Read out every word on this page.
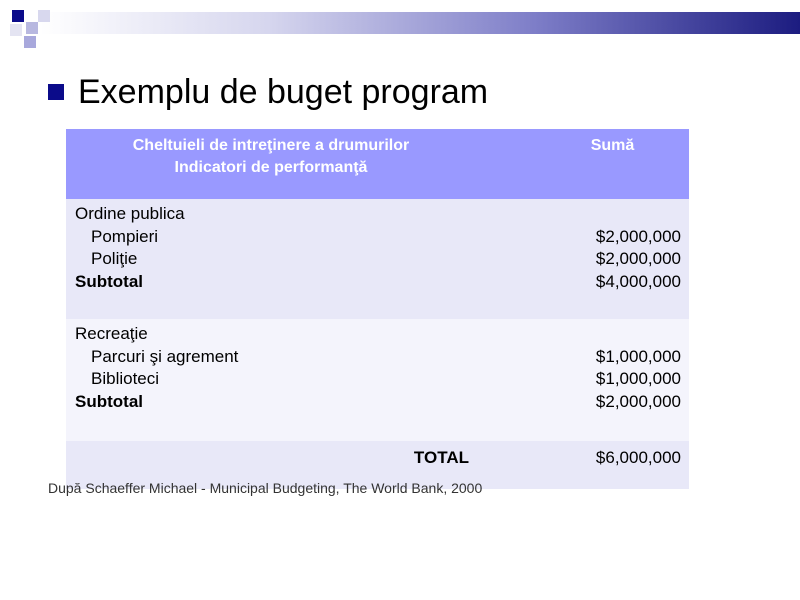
Exemplu de buget program
Cheltuieli de intreţinere a drumurilor
Indicatori de performanţă
Sumă
Ordine publica
Pompieri
Poliţie
Subtotal
$2,000,000
$2,000,000
$4,000,000
Recreaţie
Parcuri şi agrement
Biblioteci
Subtotal
$1,000,000
$1,000,000
$2,000,000
TOTAL	$6,000,000
După Schaeffer Michael - Municipal Budgeting, The World Bank, 2000
